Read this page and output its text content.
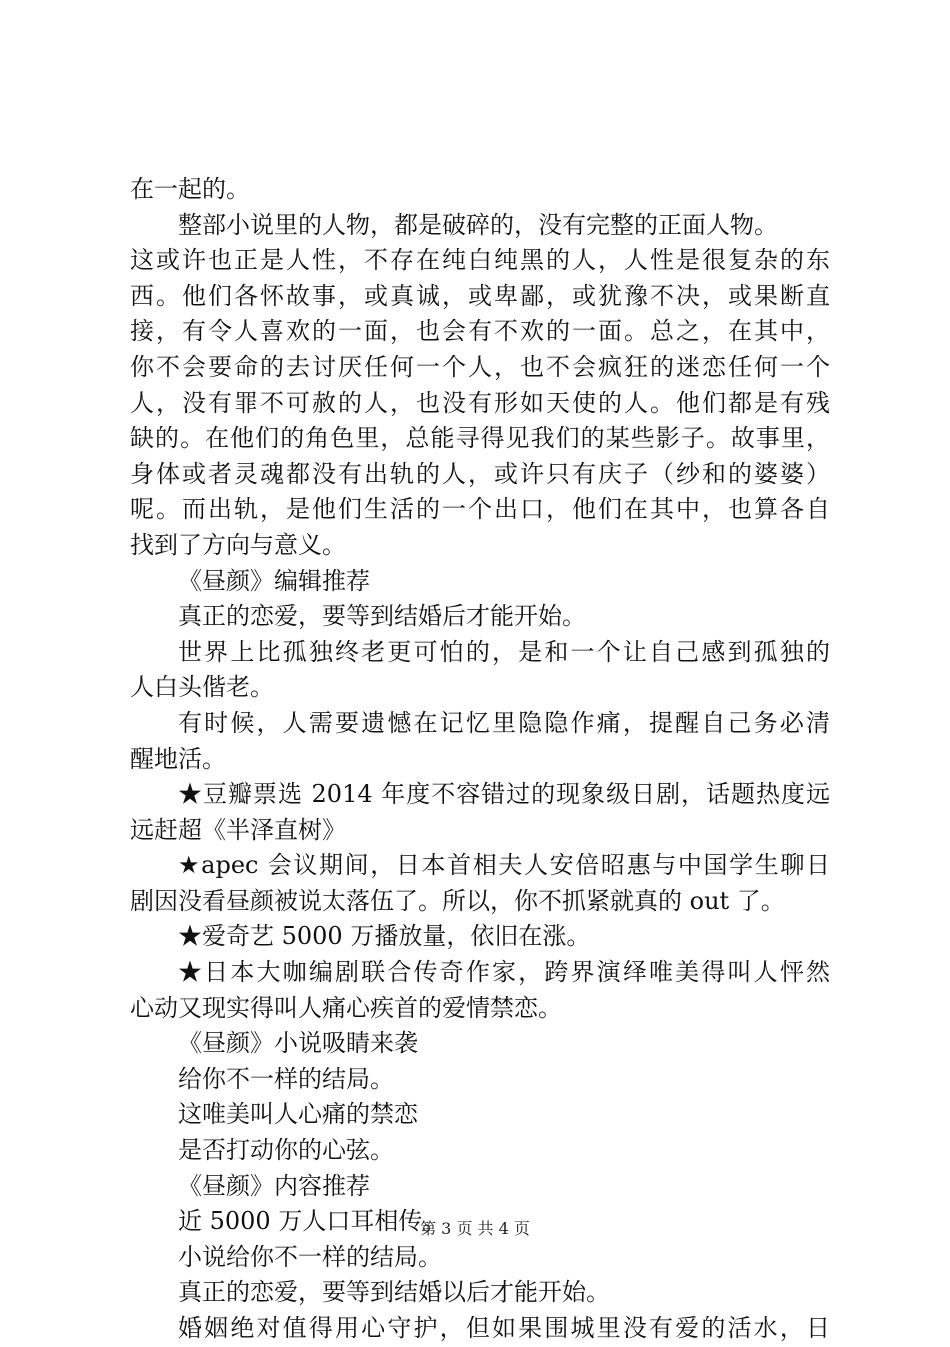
在一起的。
整部小说里的人物，都是破碎的，没有完整的正面人物。
这或许也正是人性，不存在纯白纯黑的人，人性是很复杂的东
西。他们各怀故事，或真诚，或卑鄙，或犹豫不决，或果断直
接，有令人喜欢的一面，也会有不欢的一面。总之，在其中，
你不会要命的去讨厌任何一个人，也不会疯狂的迷恋任何一个
人，没有罪不可赦的人，也没有形如天使的人。他们都是有残
缺的。在他们的角色里，总能寻得见我们的某些影子。故事里，
身体或者灵魂都没有出轨的人，或许只有庆子（纱和的婆婆）
呢。而出轨，是他们生活的一个出口，他们在其中，也算各自
找到了方向与意义。
《昼颜》编辑推荐
真正的恋爱，要等到结婚后才能开始。
世界上比孤独终老更可怕的，是和一个让自己感到孤独的
人白头偕老。
有时候，人需要遗憾在记忆里隐隐作痛，提醒自己务必清
醒地活。
★豆瓣票选 2014 年度不容错过的现象级日剧，话题热度远
远赶超《半泽直树》
★apec 会议期间，日本首相夫人安倍昭惠与中国学生聊日
剧因没看昼颜被说太落伍了。所以，你不抓紧就真的 out 了。
★爱奇艺 5000 万播放量，依旧在涨。
★日本大咖编剧联合传奇作家，跨界演绎唯美得叫人怦然
心动又现实得叫人痛心疾首的爱情禁恋。
《昼颜》小说吸睛来袭
给你不一样的结局。
这唯美叫人心痛的禁恋
是否打动你的心弦。
《昼颜》内容推荐
近 5000 万人口耳相传。
小说给你不一样的结局。
真正的恋爱，要等到结婚以后才能开始。
婚姻绝对值得用心守护，但如果围城里没有爱的活水，日
第 3 页 共 4 页
